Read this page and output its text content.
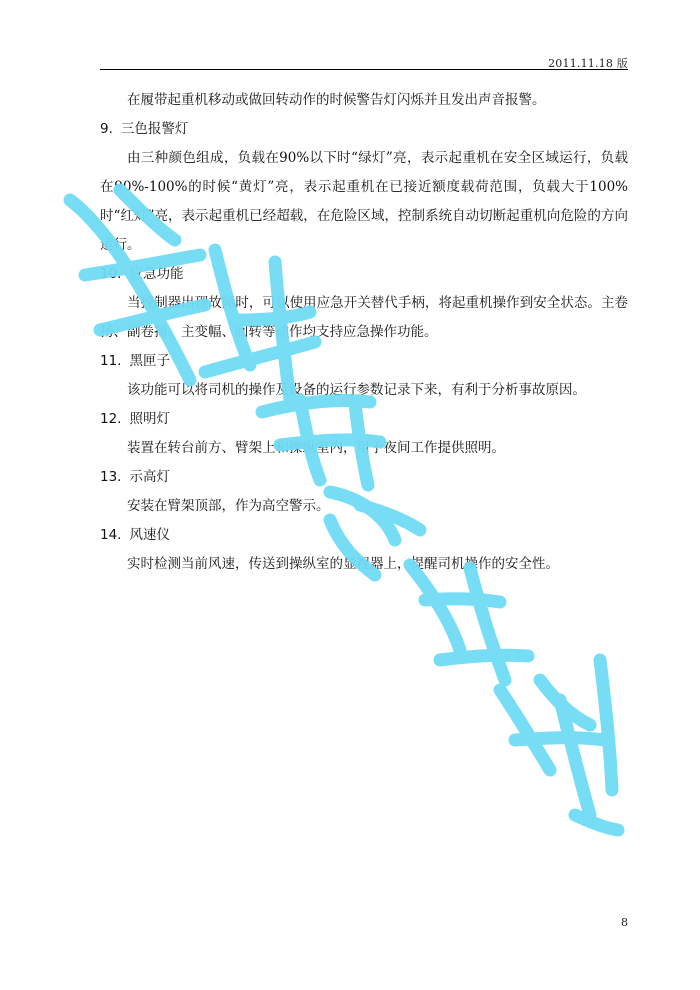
2011.11.18 版

在履带起重机移动或做回转动作的时候警告灯闪烁并且发出声音报警。

9. 三色报警灯

由三种颜色组成，负载在90%以下时“绿灯”亮，表示起重机在安全区域运行，负载在90%-100%的时候“黄灯”亮，表示起重机在已接近额度载荷范围，负载大于100%时“红灯”亮，表示起重机已经超载，在危险区域，控制系统自动切断起重机向危险的方向运行。

10. 应急功能

当控制器出现故障时，可以使用应急开关替代手柄，将起重机操作到安全状态。主卷扬、副卷扬、主变幅、回转等动作均支持应急操作功能。

11. 黑匣子

该功能可以将司机的操作及设备的运行参数记录下来，有利于分析事故原因。

12. 照明灯

装置在转台前方、臂架上和操纵室内，用于夜间工作提供照明。

13. 示高灯

安装在臂架顶部，作为高空警示。

14. 风速仪

实时检测当前风速，传送到操纵室的显视器上，提醒司机操作的安全性。

8
